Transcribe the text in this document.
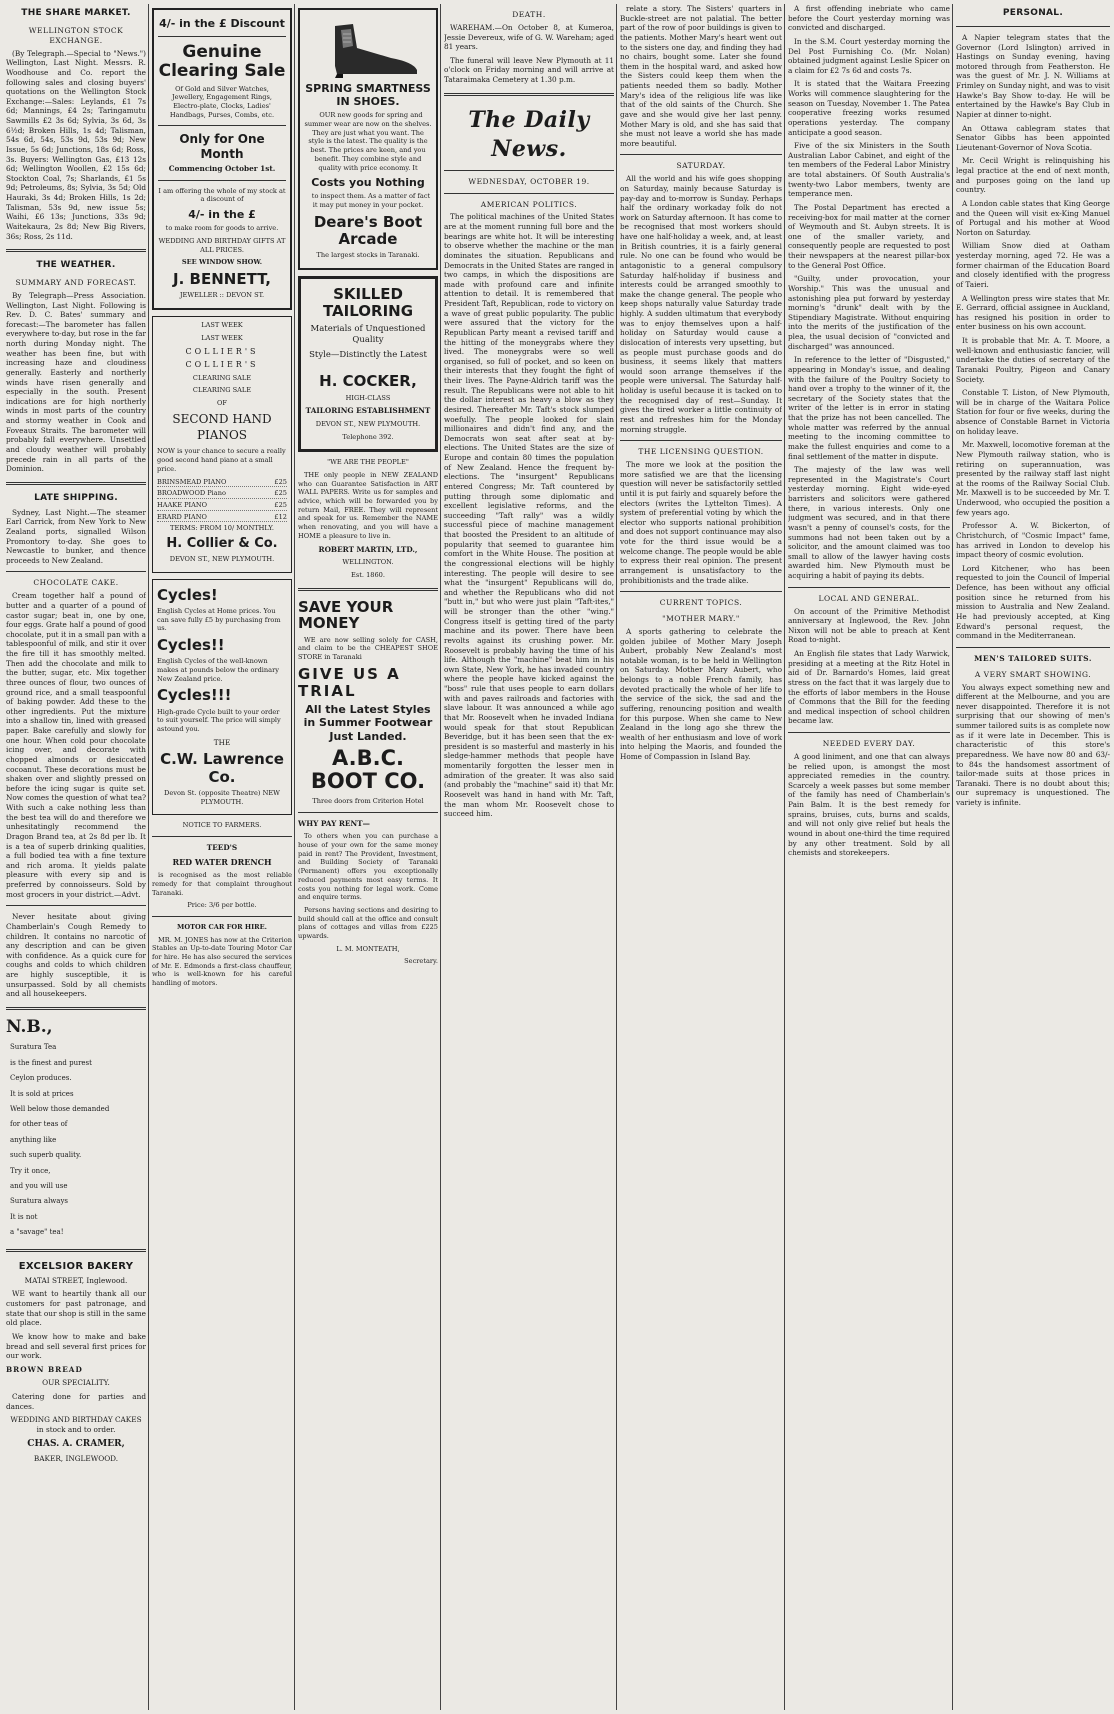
THE SHARE MARKET.
WELLINGTON STOCK EXCHANGE.

(By Telegraph.—Special to "News.") Wellington, Last Night. Messrs. R. Woodhouse and Co. report the following sales and closing buyers' quotations on the Wellington Stock Exchange:—Sales: Leylands, £1 7s 6d; Mannings, £4 2s; Taringamutu Sawmills £2 3s 6d; Sylvia, 3s 6d, 3s 6½d; Broken Hills, 1s 4d; Talisman, 54s 6d, 54s, 53s 9d, 53s 9d; New Issue, 5s 6d; Junctions, 18s 6d; Ross, 3s. Buyers: Wellington Gas, £13 12s 6d; Wellington Woollen, £2 15s 6d; Stockton Coal, 7s; Sharlands, £1 5s 9d; Petroleums, 8s; Sylvia, 3s 5d; Old Hauraki, 3s 4d; Broken Hills, 1s 2d; Talisman, 53s 9d, new issue 5s; Waihi, £6 13s; Junctions, 33s 9d; Waitekaura, 2s 8d; New Big Rivers, 36s; Ross, 2s 11d.

THE WEATHER.
SUMMARY AND FORECAST.

By Telegraph—Press Association. Wellington, Last Night. Following is Rev. D. C. Bates' summary and forecast:—The barometer has fallen everywhere to-day, but rose in the far north during Monday night. The weather has been fine, but with increasing haze and cloudiness generally. Easterly and northerly winds have risen generally and especially in the south. Present indications are for high northerly winds in most parts of the country and stormy weather in Cook and Foveaux Straits. The barometer will probably fall everywhere. Unsettled and cloudy weather will probably precede rain in all parts of the Dominion.

LATE SHIPPING.

Sydney, Last Night.—The steamer Earl Carrick, from New York to New Zealand ports, signalled Wilson Promontory to-day. She goes to Newcastle to bunker, and thence proceeds to New Zealand.

CHOCOLATE CAKE.

Cream together half a pound of butter and a quarter of a pound of castor sugar; beat in, one by one, four eggs. Grate half a pound of good chocolate, put it in a small pan with a tablespoonful of milk, and stir it over the fire till it has smoothly melted. Then add the chocolate and milk to the butter, sugar, etc. Mix together three ounces of flour, two ounces of ground rice, and a small teaspoonful of baking powder. Add these to the other ingredients. Put the mixture into a shallow tin, lined with greased paper. Bake carefully and slowly for one hour. When cold pour chocolate icing over, and decorate with chopped almonds or desiccated cocoanut. These decorations must be shaken over and slightly pressed on before the icing sugar is quite set. Now comes the question of what tea? With such a cake nothing less than the best tea will do and therefore we unhesitatingly recommend the Dragon Brand tea, at 2s 8d per lb. It is a tea of superb drinking qualities, a full bodied tea with a fine texture and rich aroma. It yields palate pleasure with every sip and is preferred by connoisseurs. Sold by most grocers in your district.—Advt.

Never hesitate about giving Chamberlain's Cough Remedy to children. It contains no narcotic of any description and can be given with confidence. As a quick cure for coughs and colds to which children are highly susceptible, it is unsurpassed. Sold by all chemists and all housekeepers.

N.B.,
Suratura Tea
is the finest and purest
Ceylon produces.
It is sold at prices
Well below those demanded
for other teas of
anything like
such superb quality.
Try it once,
and you will use
Suratura always
It is not
a "savage" tea!
EXCELSIOR BAKERY

MATAI STREET, Inglewood.

WE want to heartily thank all our customers for past patronage, and state that our shop is still in the same old place.

We know how to make and bake bread and sell several first prices for our work.

BROWN BREAD

OUR SPECIALITY.

Catering done for parties and dances.

WEDDING AND BIRTHDAY CAKES in stock and to order.

CHAS. A. CRAMER,

BAKER, INGLEWOOD.

4/- in the £ Discount
Genuine Clearing Sale

Of Gold and Silver Watches, Jewellery, Engagement Rings, Electro-plate, Clocks, Ladies' Handbags, Purses, Combs, etc.

Only for One Month

Commencing October 1st.

I am offering the whole of my stock at a discount of

4/- in the £

to make room for goods to arrive.

WEDDING AND BIRTHDAY GIFTS AT ALL PRICES.

SEE WINDOW SHOW.

J. BENNETT,

JEWELLER :: DEVON ST.

LAST WEEK

LAST WEEK

COLLIER'S
COLLIER'S

CLEARING SALE

CLEARING SALE

OF

SECOND HAND PIANOS

NOW is your chance to secure a really good second hand piano at a small price.

BRINSMEAD PIANO	£25
BROADWOOD Piano	£25
HAAKE PIANO	£25
ERARD PIANO	£12

TERMS: FROM 10/ MONTHLY.

H. Collier & Co.

DEVON ST., NEW PLYMOUTH.

Cycles!

English Cycles at Home prices. You can save fully £5 by purchasing from us.

Cycles!!

English Cycles of the well-known makes at pounds below the ordinary New Zealand price.

Cycles!!!

High-grade Cycle built to your order to suit yourself. The price will simply astound you.

THE

C.W. Lawrence Co.

Devon St. (opposite Theatre) NEW PLYMOUTH.

NOTICE TO FARMERS.

TEED'S

RED WATER DRENCH

is recognised as the most reliable remedy for that complaint throughout Taranaki.

Price: 3/6 per bottle.

MOTOR CAR FOR HIRE.

MR. M. JONES has now at the Criterion Stables an Up-to-date Touring Motor Car for hire. He has also secured the services of Mr. E. Edmonds a first-class chauffeur, who is well-known for his careful handling of motors.

SPRING SMARTNESS IN SHOES.

OUR new goods for spring and summer wear are now on the shelves. They are just what you want. The style is the latest. The quality is the best. The prices are keen, and you benefit. They combine style and quality with price economy. It

Costs you Nothing

to inspect them. As a matter of fact it may put money in your pocket.

Deare's Boot Arcade

The largest stocks in Taranaki.

SKILLED TAILORING

Materials of Unquestioned Quality

Style—Distinctly the Latest

H. COCKER,

HIGH-CLASS

TAILORING ESTABLISHMENT

DEVON ST., NEW PLYMOUTH.

Telephone 392.

"WE ARE THE PEOPLE"

THE only people in NEW ZEALAND who can Guarantee Satisfaction in ART WALL PAPERS. Write us for samples and advice, which will be forwarded you by return Mail, FREE. They will represent and speak for us. Remember the NAME when renovating, and you will have a HOME a pleasure to live in.

ROBERT MARTIN, LTD.,

WELLINGTON.

Est. 1860.

SAVE YOUR MONEY

WE are now selling solely for CASH, and claim to be the CHEAPEST SHOE STORE in Taranaki

GIVE US A TRIAL
All the Latest Styles in Summer Footwear Just Landed.
A.B.C. BOOT CO.

Three doors from Criterion Hotel

WHY PAY RENT—

To others when you can purchase a house of your own for the same money paid in rent? The Provident, Investment, and Building Society of Taranaki (Permanent) offers you exceptionally reduced payments most easy terms. It costs you nothing for legal work. Come and enquire terms.

Persons having sections and desiring to build should call at the office and consult plans of cottages and villas from £225 upwards.

L. M. MONTEATH,

Secretary.

DEATH.

WAREHAM.—On October 8, at Kumeroa, Jessie Devereux, wife of G. W. Wareham; aged 81 years.

The funeral will leave New Plymouth at 11 o'clock on Friday morning and will arrive at Tataraimaka Cemetery at 1.30 p.m.

The Daily News.
WEDNESDAY, OCTOBER 19.
AMERICAN POLITICS.

The political machines of the United States are at the moment running full bore and the bearings are white hot. It will be interesting to observe whether the machine or the man dominates the situation. Republicans and Democrats in the United States are ranged in two camps, in which the dispositions are made with profound care and infinite attention to detail. It is remembered that President Taft, Republican, rode to victory on a wave of great public popularity. The public were assured that the victory for the Republican Party meant a revised tariff and the hitting of the moneygrabs where they lived. The moneygrabs were so well organised, so full of pocket, and so keen on their interests that they fought the fight of their lives. The Payne-Aldrich tariff was the result. The Republicans were not able to hit the dollar interest as heavy a blow as they desired. Thereafter Mr. Taft's stock slumped woefully. The people looked for slain millionaires and didn't find any, and the Democrats won seat after seat at by-elections. The United States are the size of Europe and contain 80 times the population of New Zealand. Hence the frequent by-elections. The "insurgent" Republicans entered Congress; Mr. Taft countered by putting through some diplomatic and excellent legislative reforms, and the succeeding "Taft rally" was a wildly successful piece of machine management that boosted the President to an altitude of popularity that seemed to guarantee him comfort in the White House. The position at the congressional elections will be highly interesting. The people will desire to see what the "insurgent" Republicans will do, and whether the Republicans who did not "butt in," but who were just plain "Taft-ites," will be stronger than the other "wing." Congress itself is getting tired of the party machine and its power. There have been revolts against its crushing power. Mr. Roosevelt is probably having the time of his life. Although the "machine" beat him in his own State, New York, he has invaded country where the people have kicked against the "boss" rule that uses people to earn dollars with and paves railroads and factories with slave labour. It was announced a while ago that Mr. Roosevelt when he invaded Indiana would speak for that stout Republican Beveridge, but it has been seen that the ex-president is so masterful and masterly in his sledge-hammer methods that people have momentarily forgotten the lesser men in admiration of the greater. It was also said (and probably the "machine" said it) that Mr. Roosevelt was hand in hand with Mr. Taft, the man whom Mr. Roosevelt chose to succeed him.

relate a story. The Sisters' quarters in Buckle-street are not palatial. The better part of the row of poor buildings is given to the patients. Mother Mary's heart went out to the sisters one day, and finding they had no chairs, bought some. Later she found them in the hospital ward, and asked how the Sisters could keep them when the patients needed them so badly. Mother Mary's idea of the religious life was like that of the old saints of the Church. She gave and she would give her last penny. Mother Mary is old, and she has said that she must not leave a world she has made more beautiful.

SATURDAY.

All the world and his wife goes shopping on Saturday, mainly because Saturday is pay-day and to-morrow is Sunday. Perhaps half the ordinary workaday folk do not work on Saturday afternoon. It has come to be recognised that most workers should have one half-holiday a week, and, at least in British countries, it is a fairly general rule. No one can be found who would be antagonistic to a general compulsory Saturday half-holiday if business and interests could be arranged smoothly to make the change general. The people who keep shops naturally value Saturday trade highly. A sudden ultimatum that everybody was to enjoy themselves upon a half-holiday on Saturday would cause a dislocation of interests very upsetting, but as people must purchase goods and do business, it seems likely that matters would soon arrange themselves if the people were universal. The Saturday half-holiday is useful because it is tacked on to the recognised day of rest—Sunday. It gives the tired worker a little continuity of rest and refreshes him for the Monday morning struggle.

THE LICENSING QUESTION.

The more we look at the position the more satisfied we are that the licensing question will never be satisfactorily settled until it is put fairly and squarely before the electors (writes the Lyttelton Times). A system of preferential voting by which the elector who supports national prohibition and does not support continuance may also vote for the third issue would be a welcome change. The people would be able to express their real opinion. The present arrangement is unsatisfactory to the prohibitionists and the trade alike.

CURRENT TOPICS.
"MOTHER MARY."

A sports gathering to celebrate the golden jubilee of Mother Mary Joseph Aubert, probably New Zealand's most notable woman, is to be held in Wellington on Saturday. Mother Mary Aubert, who belongs to a noble French family, has devoted practically the whole of her life to the service of the sick, the sad and the suffering, renouncing position and wealth for this purpose. When she came to New Zealand in the long ago she threw the wealth of her enthusiasm and love of work into helping the Maoris, and founded the Home of Compassion in Island Bay.

A first offending inebriate who came before the Court yesterday morning was convicted and discharged.

In the S.M. Court yesterday morning the Del Post Furnishing Co. (Mr. Nolan) obtained judgment against Leslie Spicer on a claim for £2 7s 6d and costs 7s.

It is stated that the Waitara Freezing Works will commence slaughtering for the season on Tuesday, November 1. The Patea cooperative freezing works resumed operations yesterday. The company anticipate a good season.

Five of the six Ministers in the South Australian Labor Cabinet, and eight of the ten members of the Federal Labor Ministry are total abstainers. Of South Australia's twenty-two Labor members, twenty are temperance men.

The Postal Department has erected a receiving-box for mail matter at the corner of Weymouth and St. Aubyn streets. It is one of the smaller variety, and consequently people are requested to post their newspapers at the nearest pillar-box to the General Post Office.

"Guilty, under provocation, your Worship." This was the unusual and astonishing plea put forward by yesterday morning's "drunk" dealt with by the Stipendiary Magistrate. Without enquiring into the merits of the justification of the plea, the usual decision of "convicted and discharged" was announced.

In reference to the letter of "Disgusted," appearing in Monday's issue, and dealing with the failure of the Poultry Society to hand over a trophy to the winner of it, the secretary of the Society states that the writer of the letter is in error in stating that the prize has not been cancelled. The whole matter was referred by the annual meeting to the incoming committee to make the fullest enquiries and come to a final settlement of the matter in dispute.

The majesty of the law was well represented in the Magistrate's Court yesterday morning. Eight wide-eyed barristers and solicitors were gathered there, in various interests. Only one judgment was secured, and in that there wasn't a penny of counsel's costs, for the summons had not been taken out by a solicitor, and the amount claimed was too small to allow of the lawyer having costs awarded him. New Plymouth must be acquiring a habit of paying its debts.

LOCAL AND GENERAL.

On account of the Primitive Methodist anniversary at Inglewood, the Rev. John Nixon will not be able to preach at Kent Road to-night.

An English file states that Lady Warwick, presiding at a meeting at the Ritz Hotel in aid of Dr. Barnardo's Homes, laid great stress on the fact that it was largely due to the efforts of labor members in the House of Commons that the Bill for the feeding and medical inspection of school children became law.

NEEDED EVERY DAY.

A good liniment, and one that can always be relied upon, is amongst the most appreciated remedies in the country. Scarcely a week passes but some member of the family has need of Chamberlain's Pain Balm. It is the best remedy for sprains, bruises, cuts, burns and scalds, and will not only give relief but heals the wound in about one-third the time required by any other treatment. Sold by all chemists and storekeepers.

PERSONAL.

A Napier telegram states that the Governor (Lord Islington) arrived in Hastings on Sunday evening, having motored through from Featherston. He was the guest of Mr. J. N. Williams at Frimley on Sunday night, and was to visit Hawke's Bay Show to-day. He will be entertained by the Hawke's Bay Club in Napier at dinner to-night.

An Ottawa cablegram states that Senator Gibbs has been appointed Lieutenant-Governor of Nova Scotia.

Mr. Cecil Wright is relinquishing his legal practice at the end of next month, and purposes going on the land up country.

A London cable states that King George and the Queen will visit ex-King Manuel of Portugal and his mother at Wood Norton on Saturday.

William Snow died at Oatham yesterday morning, aged 72. He was a former chairman of the Education Board and closely identified with the progress of Taieri.

A Wellington press wire states that Mr. E. Gerrard, official assignee in Auckland, has resigned his position in order to enter business on his own account.

It is probable that Mr. A. T. Moore, a well-known and enthusiastic fancier, will undertake the duties of secretary of the Taranaki Poultry, Pigeon and Canary Society.

Constable T. Liston, of New Plymouth, will be in charge of the Waitara Police Station for four or five weeks, during the absence of Constable Barnet in Victoria on holiday leave.

Mr. Maxwell, locomotive foreman at the New Plymouth railway station, who is retiring on superannuation, was presented by the railway staff last night at the rooms of the Railway Social Club. Mr. Maxwell is to be succeeded by Mr. T. Underwood, who occupied the position a few years ago.

Professor A. W. Bickerton, of Christchurch, of "Cosmic Impact" fame, has arrived in London to develop his impact theory of cosmic evolution.

Lord Kitchener, who has been requested to join the Council of Imperial Defence, has been without any official position since he returned from his mission to Australia and New Zealand. He had previously accepted, at King Edward's personal request, the command in the Mediterranean.

MEN'S TAILORED SUITS.
A VERY SMART SHOWING.

You always expect something new and different at the Melbourne, and you are never disappointed. Therefore it is not surprising that our showing of men's summer tailored suits is as complete now as if it were late in December. This is characteristic of this store's preparedness. We have now 80 and 63/- to 84s the handsomest assortment of tailor-made suits at those prices in Taranaki. There is no doubt about this; our supremacy is unquestioned. The variety is infinite.
